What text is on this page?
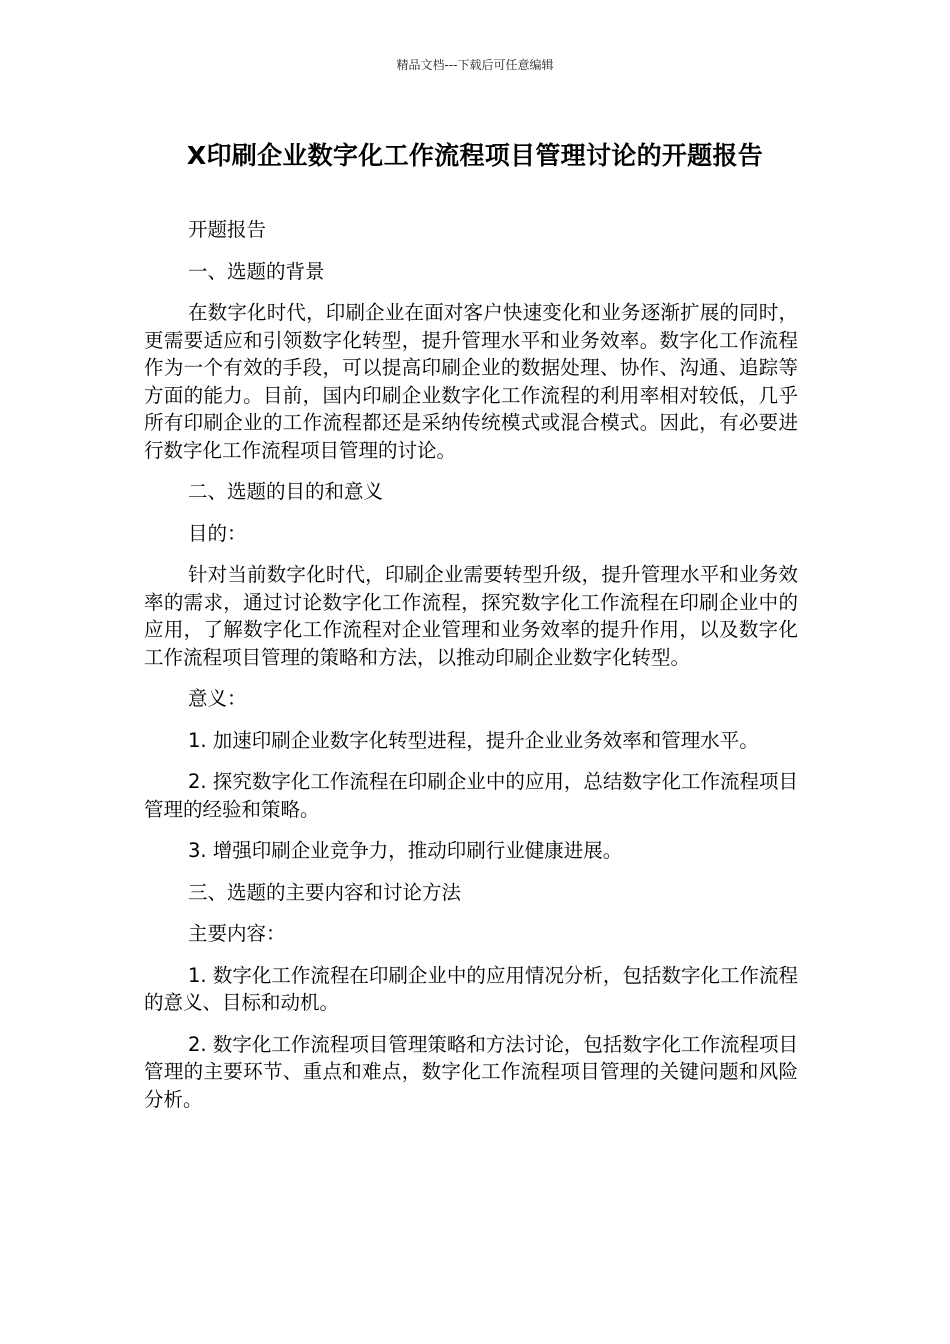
精品文档---下载后可任意编辑
X印刷企业数字化工作流程项目管理讨论的开题报告

开题报告

一、选题的背景

在数字化时代，印刷企业在面对客户快速变化和业务逐渐扩展的同时，更需要适应和引领数字化转型，提升管理水平和业务效率。数字化工作流程作为一个有效的手段，可以提高印刷企业的数据处理、协作、沟通、追踪等方面的能力。目前，国内印刷企业数字化工作流程的利用率相对较低，几乎所有印刷企业的工作流程都还是采纳传统模式或混合模式。因此，有必要进行数字化工作流程项目管理的讨论。

二、选题的目的和意义

目的：

针对当前数字化时代，印刷企业需要转型升级，提升管理水平和业务效率的需求，通过讨论数字化工作流程，探究数字化工作流程在印刷企业中的应用，了解数字化工作流程对企业管理和业务效率的提升作用，以及数字化工作流程项目管理的策略和方法，以推动印刷企业数字化转型。

意义：

1. 加速印刷企业数字化转型进程，提升企业业务效率和管理水平。

2. 探究数字化工作流程在印刷企业中的应用，总结数字化工作流程项目管理的经验和策略。

3. 增强印刷企业竞争力，推动印刷行业健康进展。

三、选题的主要内容和讨论方法

主要内容：

1. 数字化工作流程在印刷企业中的应用情况分析，包括数字化工作流程的意义、目标和动机。

2. 数字化工作流程项目管理策略和方法讨论，包括数字化工作流程项目管理的主要环节、重点和难点，数字化工作流程项目管理的关键问题和风险分析。
